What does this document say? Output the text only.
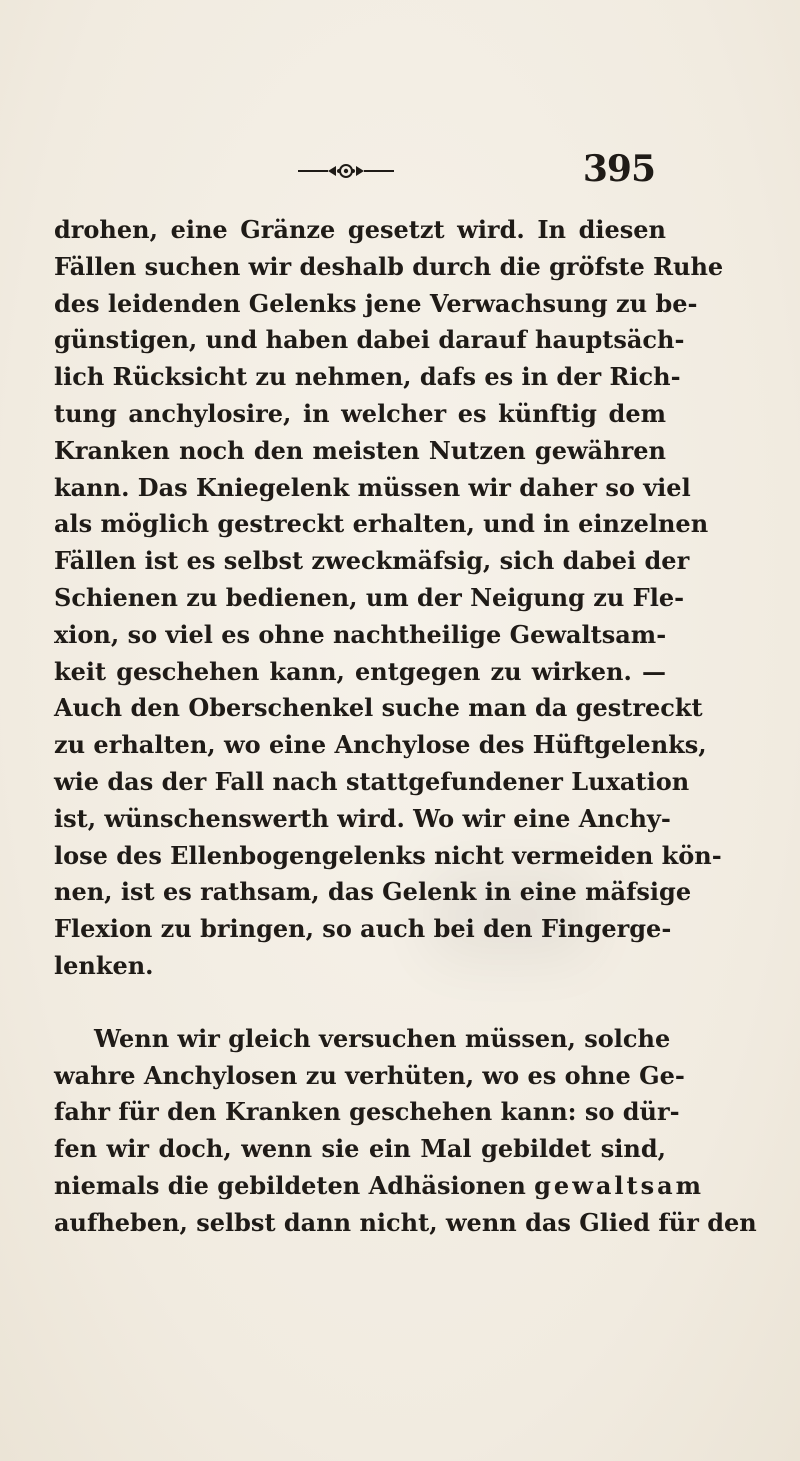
395

drohen, eine Gränze gesetzt wird. In diesen
Fällen suchen wir deshalb durch die gröfste Ruhe
des leidenden Gelenks jene Verwachsung zu be-
günstigen, und haben dabei darauf hauptsäch-
lich Rücksicht zu nehmen, dafs es in der Rich-
tung anchylosire, in welcher es künftig dem
Kranken noch den meisten Nutzen gewähren
kann. Das Kniegelenk müssen wir daher so viel
als möglich gestreckt erhalten, und in einzelnen
Fällen ist es selbst zweckmäfsig, sich dabei der
Schienen zu bedienen, um der Neigung zu Fle-
xion, so viel es ohne nachtheilige Gewaltsam-
keit geschehen kann, entgegen zu wirken. —
Auch den Oberschenkel suche man da gestreckt
zu erhalten, wo eine Anchylose des Hüftgelenks,
wie das der Fall nach stattgefundener Luxation
ist, wünschenswerth wird. Wo wir eine Anchy-
lose des Ellenbogengelenks nicht vermeiden kön-
nen, ist es rathsam, das Gelenk in eine mäfsige
Flexion zu bringen, so auch bei den Fingerge-
lenken.

Wenn wir gleich versuchen müssen, solche
wahre Anchylosen zu verhüten, wo es ohne Ge-
fahr für den Kranken geschehen kann: so dür-
fen wir doch, wenn sie ein Mal gebildet sind,
niemals die gebildeten Adhäsionen gewaltsam
aufheben, selbst dann nicht, wenn das Glied für den
